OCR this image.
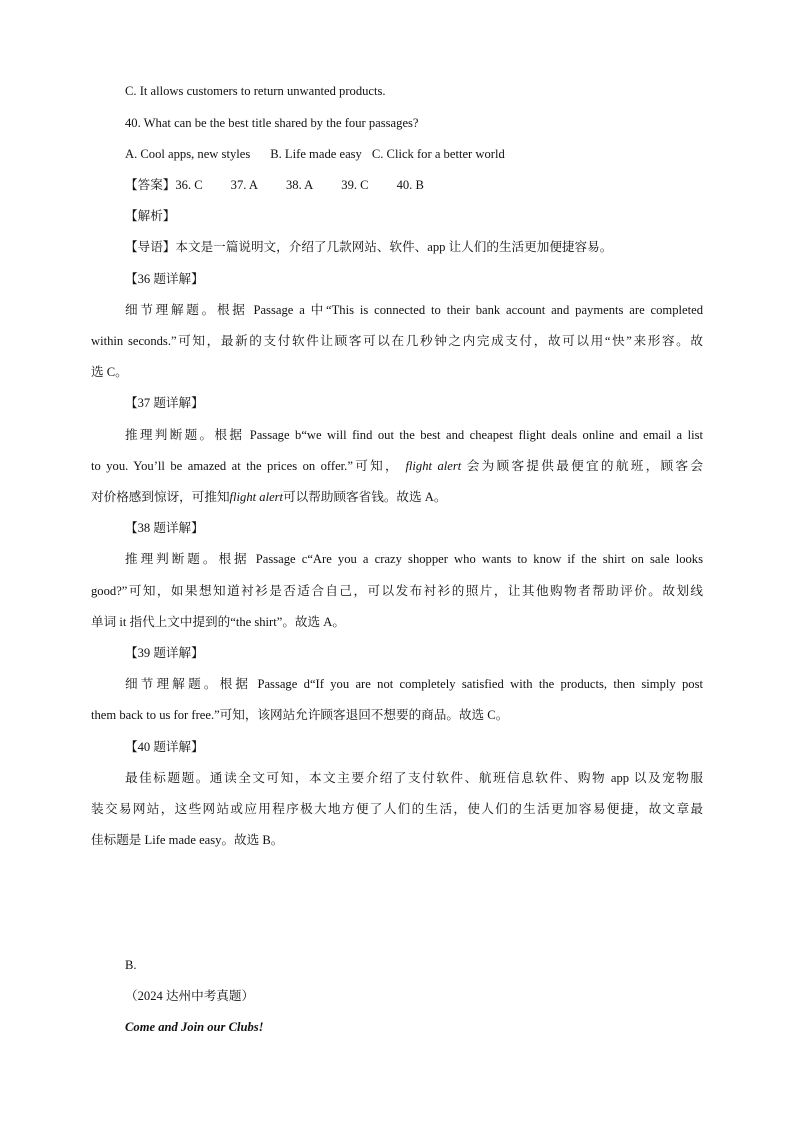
C. It allows customers to return unwanted products.
40. What can be the best title shared by the four passages?
A. Cool apps, new styles B. Life made easy C. Click for a better world
【答案】36. C 37. A 38. A 39. C 40. B
【解析】
【导语】本文是一篇说明文，介绍了几款网站、软件、app 让人们的生活更加便捷容易。
【36 题详解】
细节理解题。根据 Passage a 中“This is connected to their bank account and payments are completed
within seconds.”可知，最新的支付软件让顾客可以在几秒钟之内完成支付，故可以用“快”来形容。故
选 C。
【37 题详解】
推理判断题。根据 Passage b“we will find out the best and cheapest flight deals online and email a list
to you. You’ll be amazed at the prices on offer.”可知， flight alert 会为顾客提供最便宜的航班，顾客会
对价格感到惊讶，可推知flight alert可以帮助顾客省钱。故选 A。
【38 题详解】
推理判断题。根据 Passage c“Are you a crazy shopper who wants to know if the shirt on sale looks
good?”可知，如果想知道衬衫是否适合自己，可以发布衬衫的照片，让其他购物者帮助评价。故划线
单词 it 指代上文中提到的“the shirt”。故选 A。
【39 题详解】
细节理解题。根据 Passage d“If you are not completely satisfied with the products, then simply post
them back to us for free.”可知，该网站允许顾客退回不想要的商品。故选 C。
【40 题详解】
最佳标题题。通读全文可知，本文主要介绍了支付软件、航班信息软件、购物 app 以及宠物服
装交易网站，这些网站或应用程序极大地方便了人们的生活，使人们的生活更加容易便捷，故文章最
佳标题是 Life made easy。故选 B。
B.
（2024 达州中考真题）
Come and Join our Clubs!
